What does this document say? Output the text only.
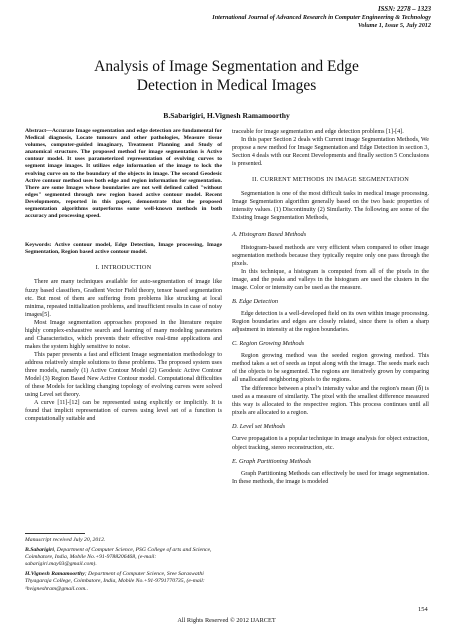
ISSN: 2278 – 1323
International Journal of Advanced Research in Computer Engineering & Technology
Volume 1, Issue 5, July 2012
Analysis of Image Segmentation and Edge
Detection in Medical Images
B.Sabarigiri, H.Vignesh Ramamoorthy

Abstract—Accurate Image segmentation and edge detection are fundamental for Medical diagnosis, Locate tumours and other pathologies, Measure tissue volumes, computer-guided imaginary, Treatment Planning and Study of anatomical structure. The proposed method for image segmentation is Active contour model. It uses parameterized representation of evolving curves to segment image images. It utilizes edge information of the image to lock the evolving curve on to the boundary of the objects in image. The second Geodesic Active contour method uses both edge and region information for segmentation. There are some Images whose boundaries are not well defined called "without edges" segmented through new region based active contour model. Recent Developments, reported in this paper, demonstrate that the proposed segmentation algorithms outperforms some well-known methods in both accuracy and processing speed.

Keywords: Active contour model, Edge Detection, Image processing, Image Segmentation, Region based active contour model.

I. INTRODUCTION

There are many techniques available for auto-segmentation of image like fuzzy based classifiers, Gradient Vector Field theory, tensor based segmentation etc. But most of them are suffering from problems like strucking at local minima, repeated initialization problems, and insufficient results in case of noisy images[5].

Most Image segmentation approaches proposed in the literature require highly complex-exhaustive search and learning of many modeling parameters and Characteristics, which prevents their effective real-time applications and makes the system highly sensitive to noise.

This paper presents a fast and efficient Image segmentation methodology to address relatively simple solutions to these problems. The proposed system uses three models, namely (1) Active Contour Model (2) Geodesic Active Contour Model (3) Region Based New Active Contour model. Computational difficulties of these Models for tackling changing topology of evolving curves were solved using Level set theory.

A curve [11]-[12] can be represented using explicitly or implicitly. It is found that implicit representation of curves using level set of a function is computationally suitable and

Manuscript received July 20, 2012.

B.Sabarigiri, Department of Computer Science, PSG College of arts and Science, Coimbatore, India, Mobile No.+91-9788206468, (e-mail: sabarigiri.may03@gmail.com).

H.Vignesh Ramamoorthy; Department of Computer Science, Sree Saraswathi Thyagaraja College, Coimbatore, India, Mobile No.+91-9791770735, (e-mail: ¹hvigneshram@gmail.com..

traceable for image segmentation and edge detection problems [1]-[4].

In this paper Section 2 deals with Current image Segmentation Methods, We propose a new method for Image Segmentation and Edge Detection in section 3, Section 4 deals with our Recent Developments and finally section 5 Conclusions is presented.

II. CURRENT METHODS IN IMAGE SEGMENTATION

Segmentation is one of the most difficult tasks in medical image processing. Image Segmentation algorithm generally based on the two basic properties of intensity values. (1) Discontinuity (2) Similarity. The following are some of the Existing Image Segmentation Methods,

A. Histogram Based Methods

Histogram-based methods are very efficient when compared to other image segmentation methods because they typically require only one pass through the pixels.

In this technique, a histogram is computed from all of the pixels in the image, and the peaks and valleys in the histogram are used the clusters in the image. Color or intensity can be used as the measure.

B. Edge Detection

Edge detection is a well-developed field on its own within image processing. Region boundaries and edges are closely related, since there is often a sharp adjustment in intensity at the region boundaries.

C. Region Growing Methods

Region growing method was the seeded region growing method. This method takes a set of seeds as input along with the image. The seeds mark each of the objects to be segmented. The regions are iteratively grown by comparing all unallocated neighboring pixels to the regions.

The difference between a pixel’s intensity value and the region's mean (δ) is used as a measure of similarity. The pixel with the smallest difference measured this way is allocated to the respective region. This process continues until all pixels are allocated to a region.

D. Level set Methods

Curve propagation is a popular technique in image analysis for object extraction, object tracking, stereo reconstruction, etc.

E. Graph Partitioning Methods

Graph Partitioning Methods can effectively be used for image segmentation. In these methods, the image is modeled

154
All Rights Reserved © 2012 IJARCET
